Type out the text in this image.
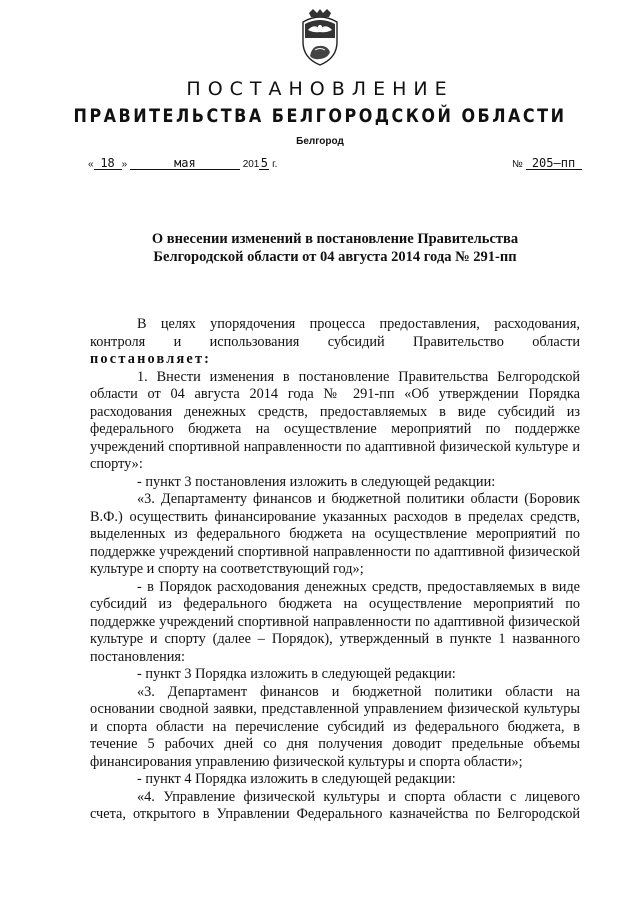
ПОСТАНОВЛЕНИЕ
ПРАВИТЕЛЬСТВА БЕЛГОРОДСКОЙ ОБЛАСТИ
Белгород
« 18 »	мая	2015 г.	№ 205–пп
О внесении изменений в постановление Правительства
Белгородской области от 04 августа 2014 года № 291-пп

В целях упорядочения процесса предоставления, расходования, контроля и использования субсидий Правительство области

постановляет:

1. Внести изменения в постановление Правительства Белгородской области от 04 августа 2014 года № 291-пп «Об утверждении Порядка расходования денежных средств, предоставляемых в виде субсидий из федерального бюджета на осуществление мероприятий по поддержке учреждений спортивной направленности по адаптивной физической культуре и спорту»:

- пункт 3 постановления изложить в следующей редакции:

«3. Департаменту финансов и бюджетной политики области (Боровик В.Ф.) осуществить финансирование указанных расходов в пределах средств, выделенных из федерального бюджета на осуществление мероприятий по поддержке учреждений спортивной направленности по адаптивной физической культуре и спорту на соответствующий год»;

- в Порядок расходования денежных средств, предоставляемых в виде субсидий из федерального бюджета на осуществление мероприятий по поддержке учреждений спортивной направленности по адаптивной физической культуре и спорту (далее – Порядок), утвержденный в пункте 1 названного постановления:

- пункт 3 Порядка изложить в следующей редакции:

«3. Департамент финансов и бюджетной политики области на основании сводной заявки, представленной управлением физической культуры и спорта области на перечисление субсидий из федерального бюджета, в течение 5 рабочих дней со дня получения доводит предельные объемы финансирования управлению физической культуры и спорта области»;

- пункт 4 Порядка изложить в следующей редакции:

«4. Управление физической культуры и спорта области с лицевого счета, открытого в Управлении Федерального казначейства по Белгородской
